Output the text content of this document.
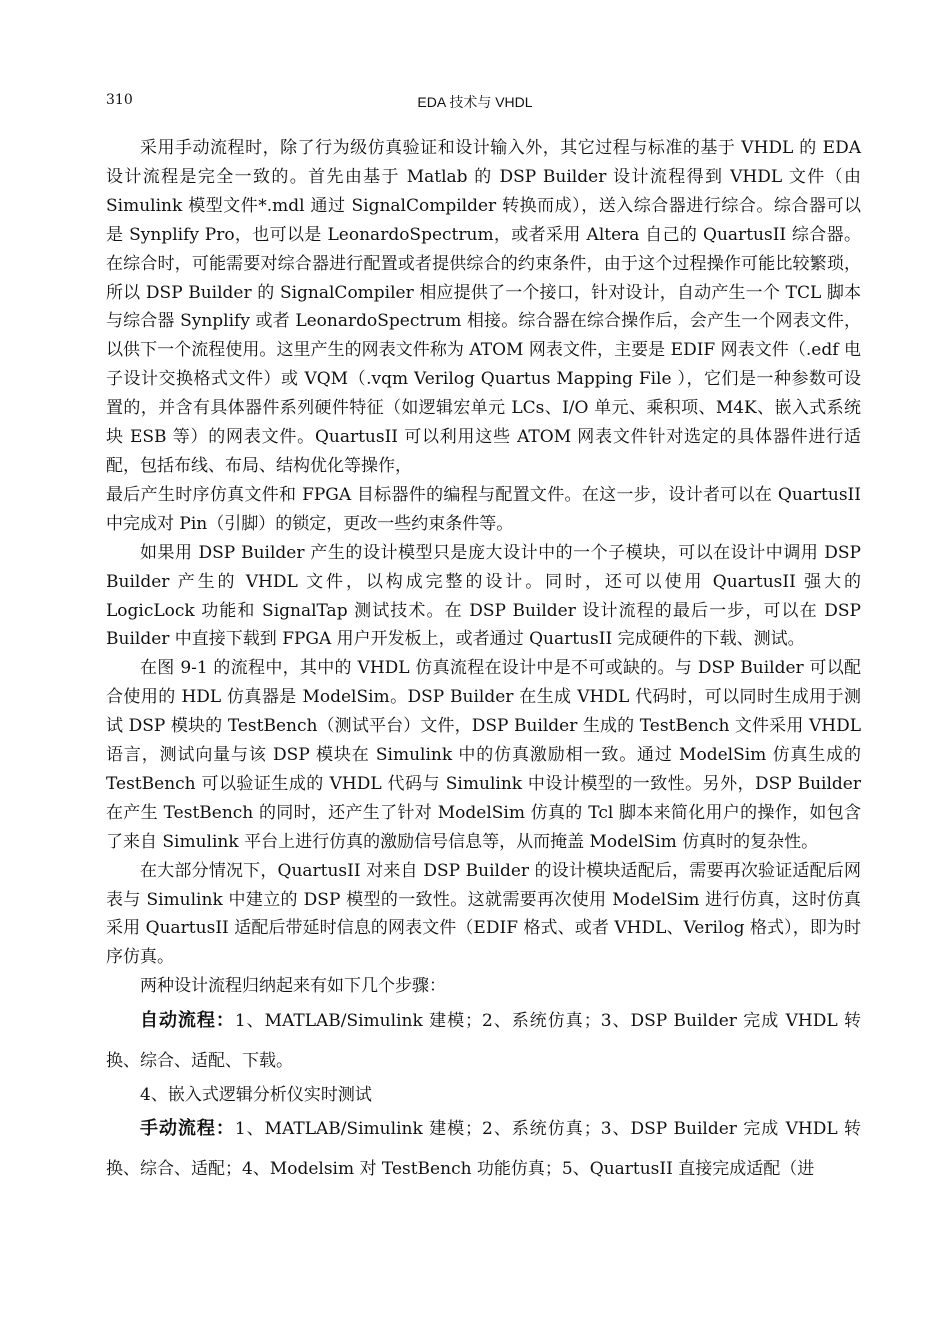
310	EDA 技术与 VHDL

采用手动流程时，除了行为级仿真验证和设计输入外，其它过程与标准的基于 VHDL 的 EDA 设计流程是完全一致的。首先由基于 Matlab 的 DSP Builder 设计流程得到 VHDL 文件（由 Simulink 模型文件*.mdl 通过 SignalCompilder 转换而成），送入综合器进行综合。综合器可以是 Synplify Pro，也可以是 LeonardoSpectrum，或者采用 Altera 自己的 QuartusII 综合器。在综合时，可能需要对综合器进行配置或者提供综合的约束条件，由于这个过程操作可能比较繁琐，所以 DSP Builder 的 SignalCompiler 相应提供了一个接口，针对设计，自动产生一个 TCL 脚本与综合器 Synplify 或者 LeonardoSpectrum 相接。综合器在综合操作后，会产生一个网表文件，以供下一个流程使用。这里产生的网表文件称为 ATOM 网表文件，主要是 EDIF 网表文件（.edf 电子设计交换格式文件）或 VQM（.vqm Verilog Quartus Mapping File ），它们是一种参数可设置的，并含有具体器件系列硬件特征（如逻辑宏单元 LCs、I/O 单元、乘积项、M4K、嵌入式系统块 ESB 等）的网表文件。QuartusII 可以利用这些 ATOM 网表文件针对选定的具体器件进行适配，包括布线、布局、结构优化等操作，

最后产生时序仿真文件和 FPGA 目标器件的编程与配置文件。在这一步，设计者可以在 QuartusII中完成对 Pin（引脚）的锁定，更改一些约束条件等。

如果用 DSP Builder 产生的设计模型只是庞大设计中的一个子模块，可以在设计中调用 DSP Builder 产生的 VHDL 文件，以构成完整的设计。同时，还可以使用 QuartusII 强大的 LogicLock 功能和 SignalTap 测试技术。在 DSP Builder 设计流程的最后一步，可以在 DSP Builder 中直接下载到 FPGA 用户开发板上，或者通过 QuartusII 完成硬件的下载、测试。

在图 9-1 的流程中，其中的 VHDL 仿真流程在设计中是不可或缺的。与 DSP Builder 可以配合使用的 HDL 仿真器是 ModelSim。DSP Builder 在生成 VHDL 代码时，可以同时生成用于测试 DSP 模块的 TestBench（测试平台）文件，DSP Builder 生成的 TestBench 文件采用 VHDL 语言，测试向量与该 DSP 模块在 Simulink 中的仿真激励相一致。通过 ModelSim 仿真生成的 TestBench 可以验证生成的 VHDL 代码与 Simulink 中设计模型的一致性。另外，DSP Builder 在产生 TestBench 的同时，还产生了针对 ModelSim 仿真的 Tcl 脚本来简化用户的操作，如包含了来自 Simulink 平台上进行仿真的激励信号信息等，从而掩盖 ModelSim 仿真时的复杂性。

在大部分情况下，QuartusII 对来自 DSP Builder 的设计模块适配后，需要再次验证适配后网表与 Simulink 中建立的 DSP 模型的一致性。这就需要再次使用 ModelSim 进行仿真，这时仿真采用 QuartusII 适配后带延时信息的网表文件（EDIF 格式、或者 VHDL、Verilog 格式），即为时序仿真。

两种设计流程归纳起来有如下几个步骤：

自动流程：1、MATLAB/Simulink 建模；2、系统仿真；3、DSP Builder 完成 VHDL 转换、综合、适配、下载。

4、嵌入式逻辑分析仪实时测试

手动流程：1、MATLAB/Simulink 建模；2、系统仿真；3、DSP Builder 完成 VHDL 转换、综合、适配；4、Modelsim 对 TestBench 功能仿真；5、QuartusII 直接完成适配（进
